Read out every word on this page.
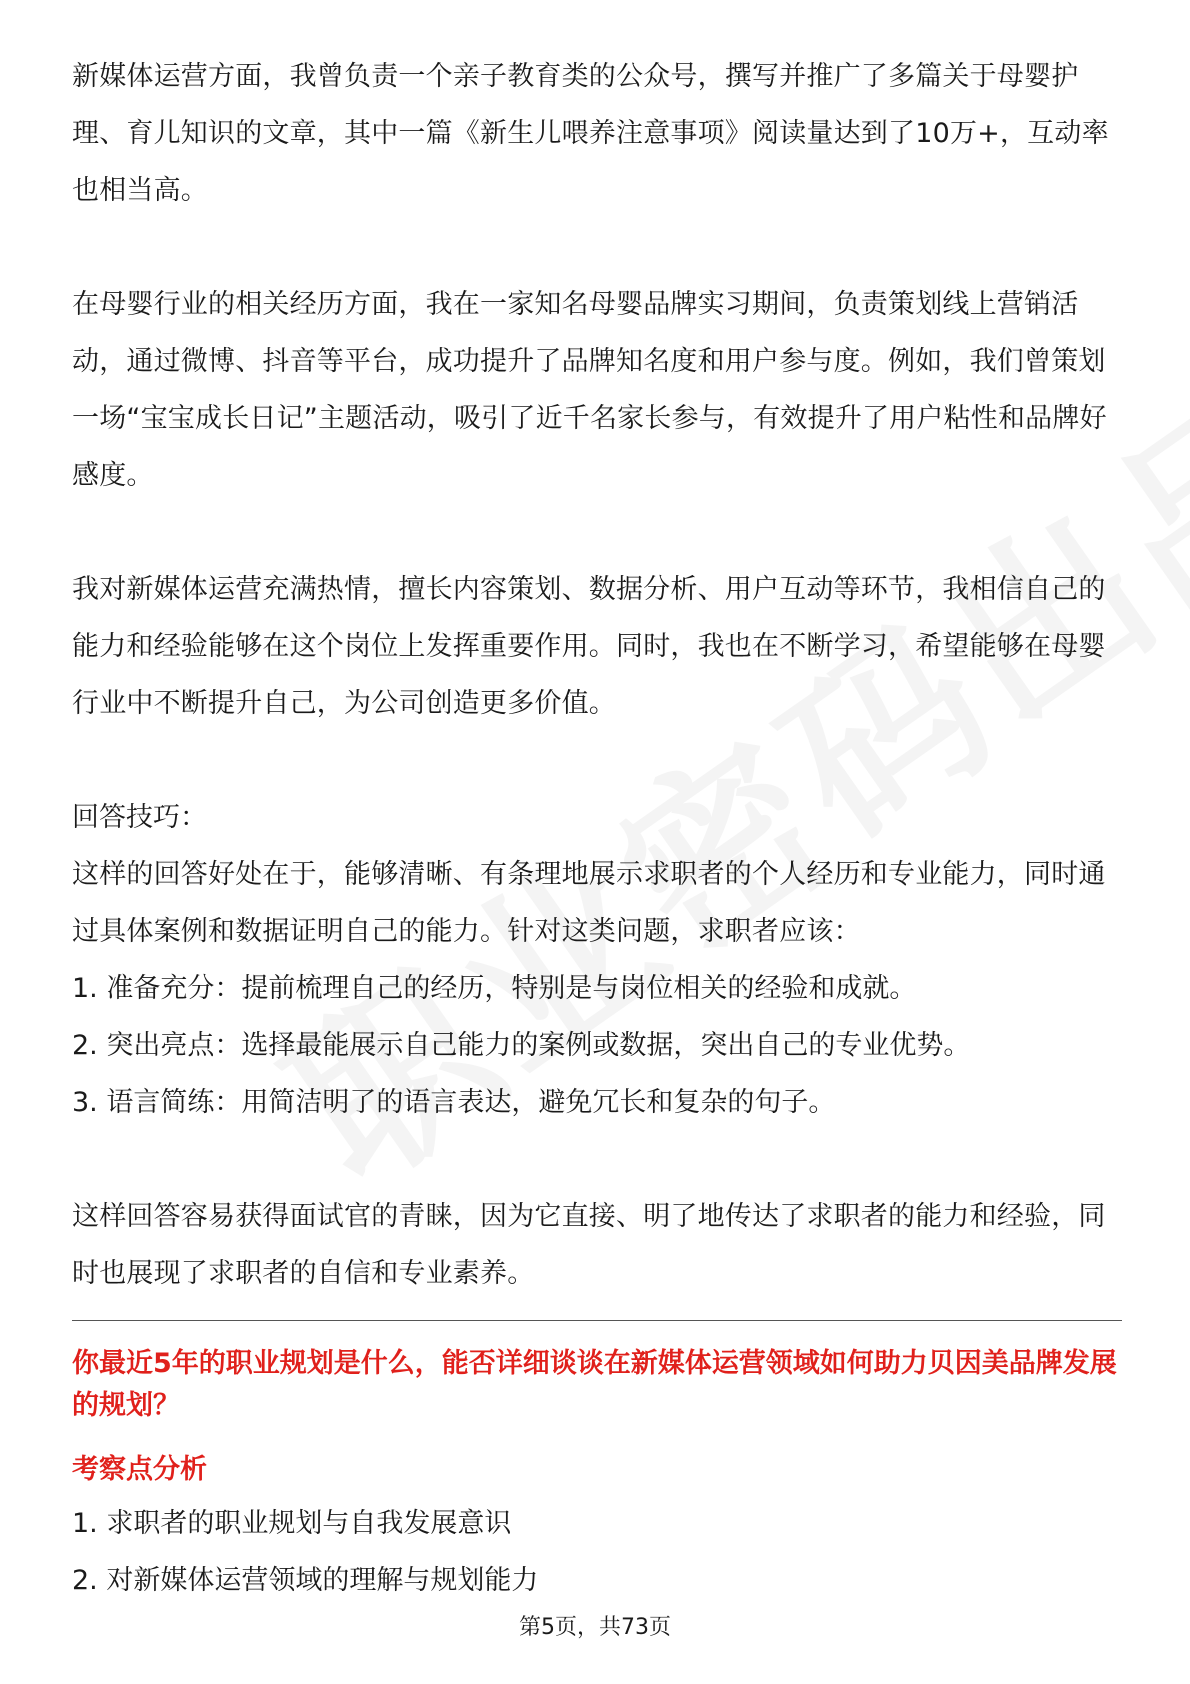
新媒体运营方面，我曾负责一个亲子教育类的公众号，撰写并推广了多篇关于母婴护理、育儿知识的文章，其中一篇《新生儿喂养注意事项》阅读量达到了10万+，互动率也相当高。

在母婴行业的相关经历方面，我在一家知名母婴品牌实习期间，负责策划线上营销活动，通过微博、抖音等平台，成功提升了品牌知名度和用户参与度。例如，我们曾策划一场“宝宝成长日记”主题活动，吸引了近千名家长参与，有效提升了用户粘性和品牌好感度。

我对新媒体运营充满热情，擅长内容策划、数据分析、用户互动等环节，我相信自己的能力和经验能够在这个岗位上发挥重要作用。同时，我也在不断学习，希望能够在母婴行业中不断提升自己，为公司创造更多价值。

回答技巧：

这样的回答好处在于，能够清晰、有条理地展示求职者的个人经历和专业能力，同时通过具体案例和数据证明自己的能力。针对这类问题，求职者应该：

1. 准备充分：提前梳理自己的经历，特别是与岗位相关的经验和成就。

2. 突出亮点：选择最能展示自己能力的案例或数据，突出自己的专业优势。

3. 语言简练：用简洁明了的语言表达，避免冗长和复杂的句子。

这样回答容易获得面试官的青睐，因为它直接、明了地传达了求职者的能力和经验，同时也展现了求职者的自信和专业素养。

你最近5年的职业规划是什么，能否详细谈谈在新媒体运营领域如何助力贝因美品牌发展的规划？

考察点分析

1. 求职者的职业规划与自我发展意识

2. 对新媒体运营领域的理解与规划能力

第5页，共73页
